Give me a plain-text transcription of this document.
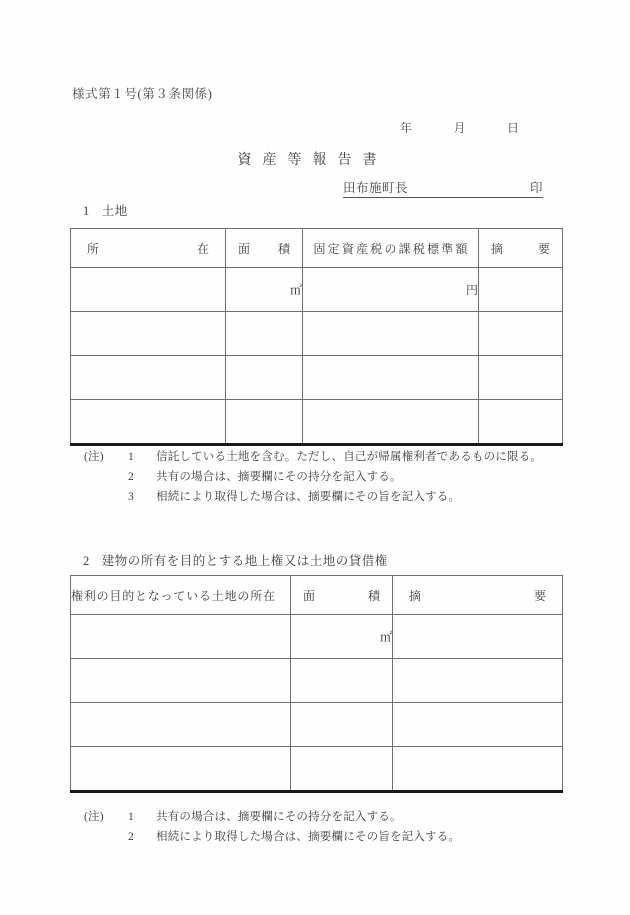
様式第１号(第３条関係)
年	月	日
資産等報告書
田布施町長	印
1 土地
所 在	面 積	固定資産税の課税標準額	摘 要

	㎡	円	

(注)	1	信託している土地を含む。ただし、自己が帰属権利者であるものに限る。
2	共有の場合は、摘要欄にその持分を記入する。
3	相続により取得した場合は、摘要欄にその旨を記入する。
2 建物の所有を目的とする地上権又は土地の貸借権
権利の目的となっている土地の所在	面 積	摘 要

	㎡	

(注)	1	共有の場合は、摘要欄にその持分を記入する。
2	相続により取得した場合は、摘要欄にその旨を記入する。
